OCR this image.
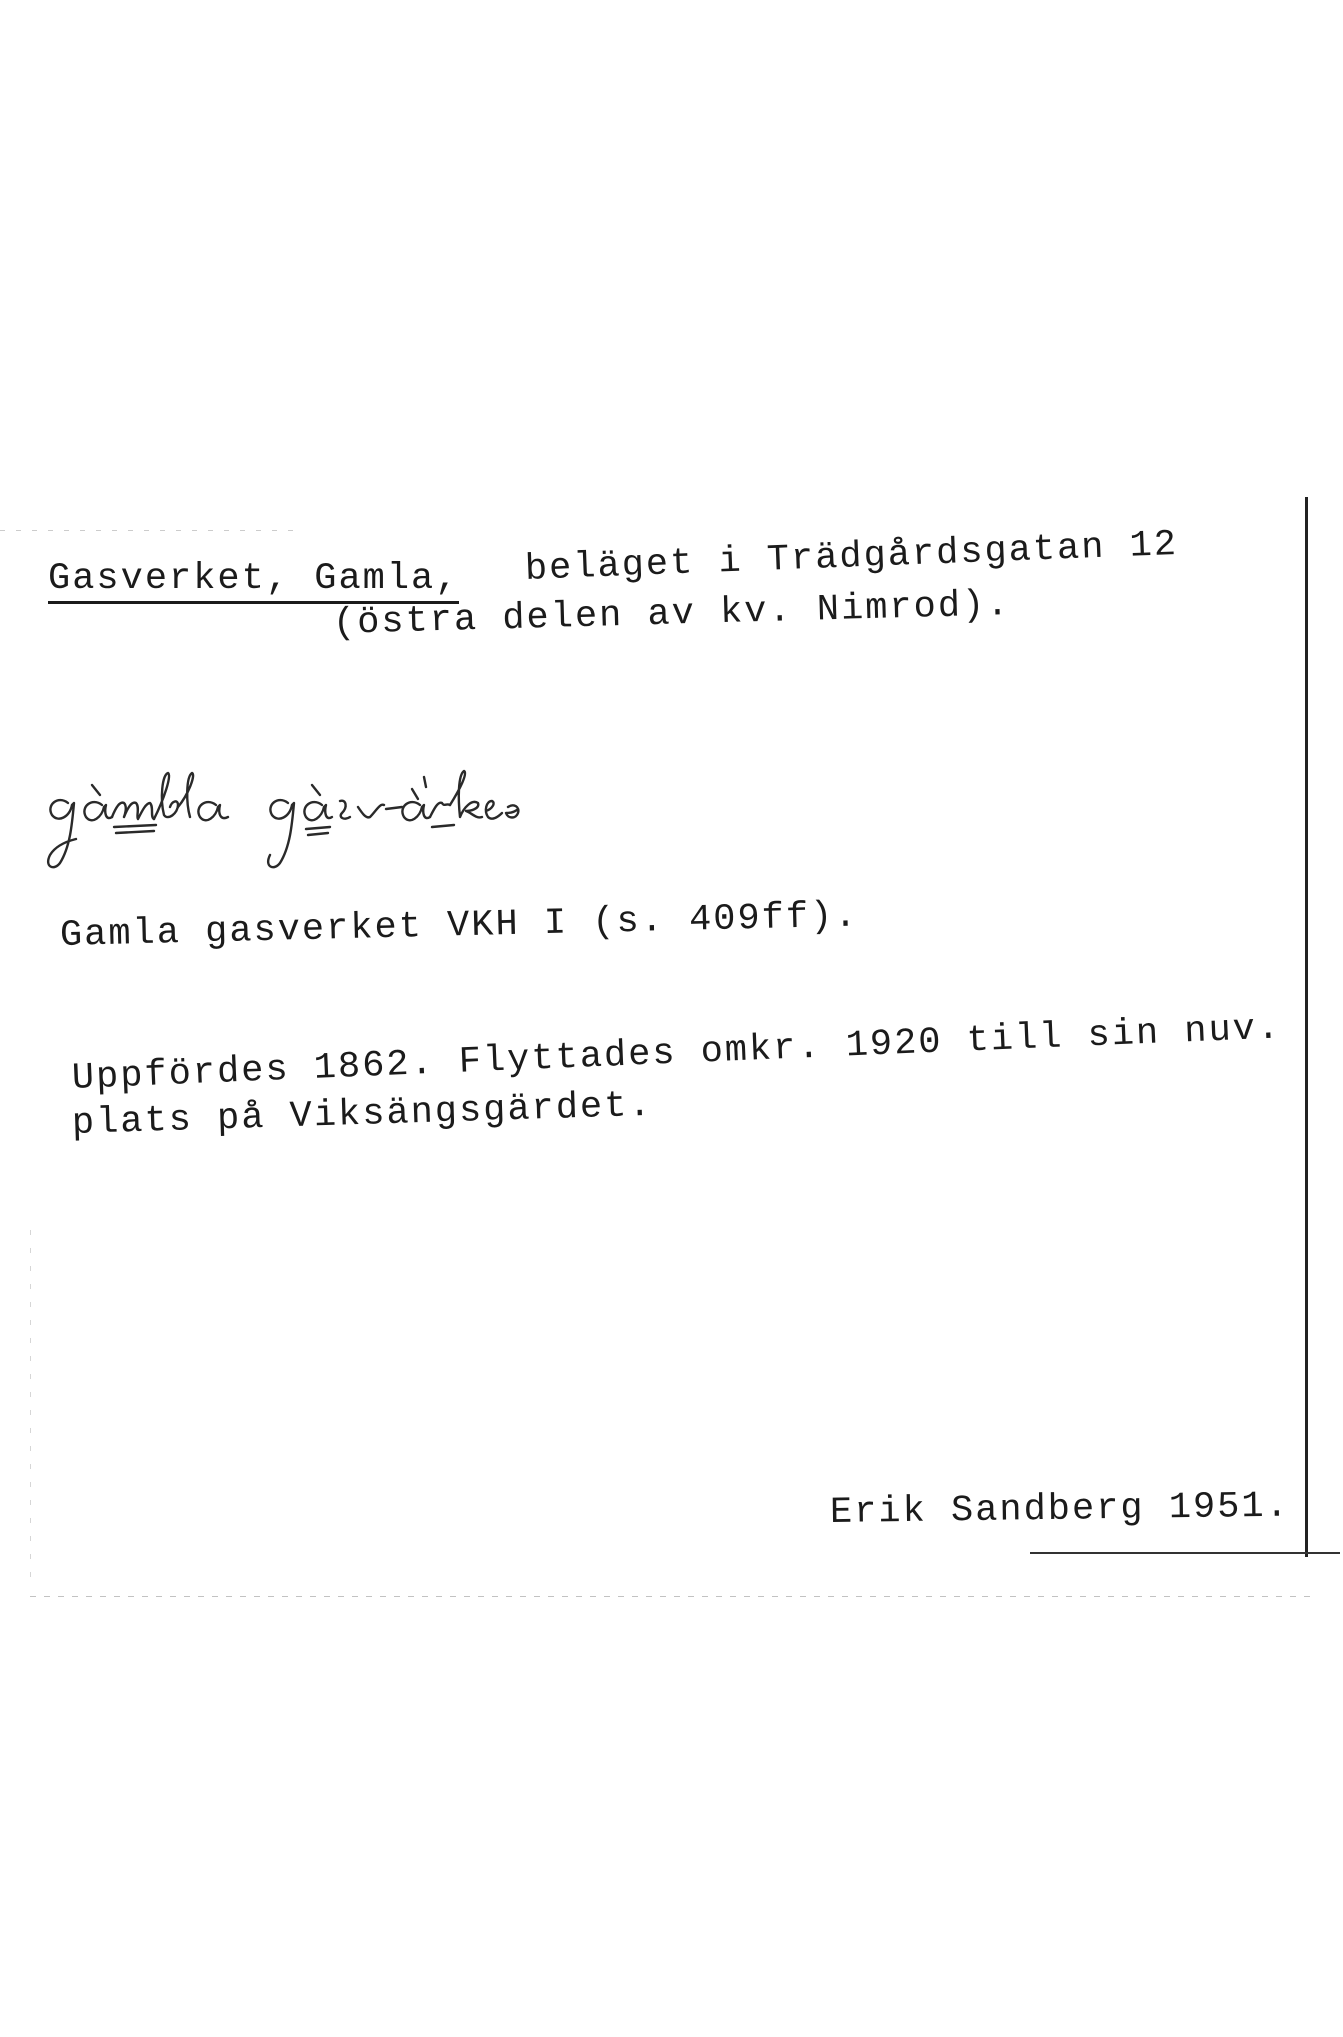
Gasverket, Gamla, beläget i Trädgårdsgatan 12
(östra delen av kv. Nimrod).
Gamla gasverket VKH I (s. 409ff).
Uppfördes 1862. Flyttades omkr. 1920 till sin nuv.
plats på Viksängsgärdet.
Erik Sandberg 1951.
